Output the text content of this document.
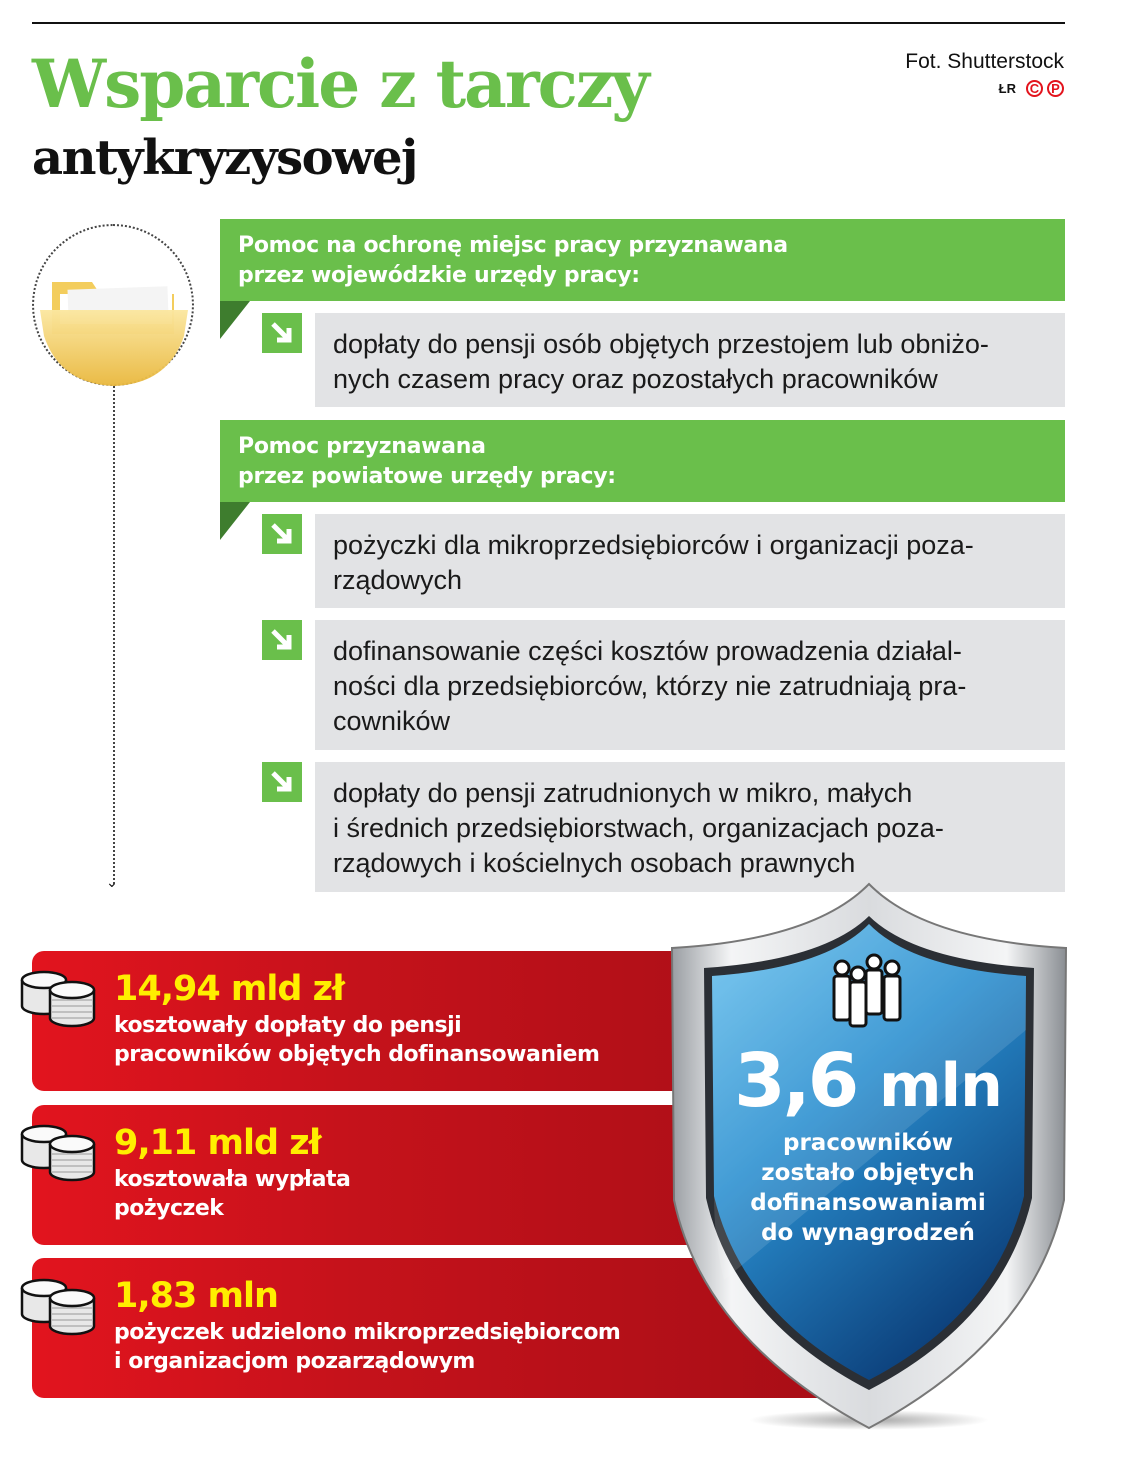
Wsparcie z tarczy
antykryzysowej
Fot. Shutterstock
ŁR C P
⌄
Pomoc na ochronę miejsc pracy przyznawana
przez wojewódzkie urzędy pracy:
dopłaty do pensji osób objętych przestojem lub obniżo-
nych czasem pracy oraz pozostałych pracowników
Pomoc przyznawana
przez powiatowe urzędy pracy:
pożyczki dla mikroprzedsiębiorców i organizacji poza-
rządowych
dofinansowanie części kosztów prowadzenia działal-
ności dla przedsiębiorców, którzy nie zatrudniają pra-
cowników
dopłaty do pensji zatrudnionych w mikro, małych
i średnich przedsiębiorstwach, organizacjach poza-
rządowych i kościelnych osobach prawnych
14,94 mld zł
kosztowały dopłaty do pensji
pracowników objętych dofinansowaniem
9,11 mld zł
kosztowała wypłata
pożyczek
1,83 mln
pożyczek udzielono mikroprzedsiębiorcom
i organizacjom pozarządowym
3,6 mln
pracowników
zostało objętych
dofinansowaniami
do wynagrodzeń
